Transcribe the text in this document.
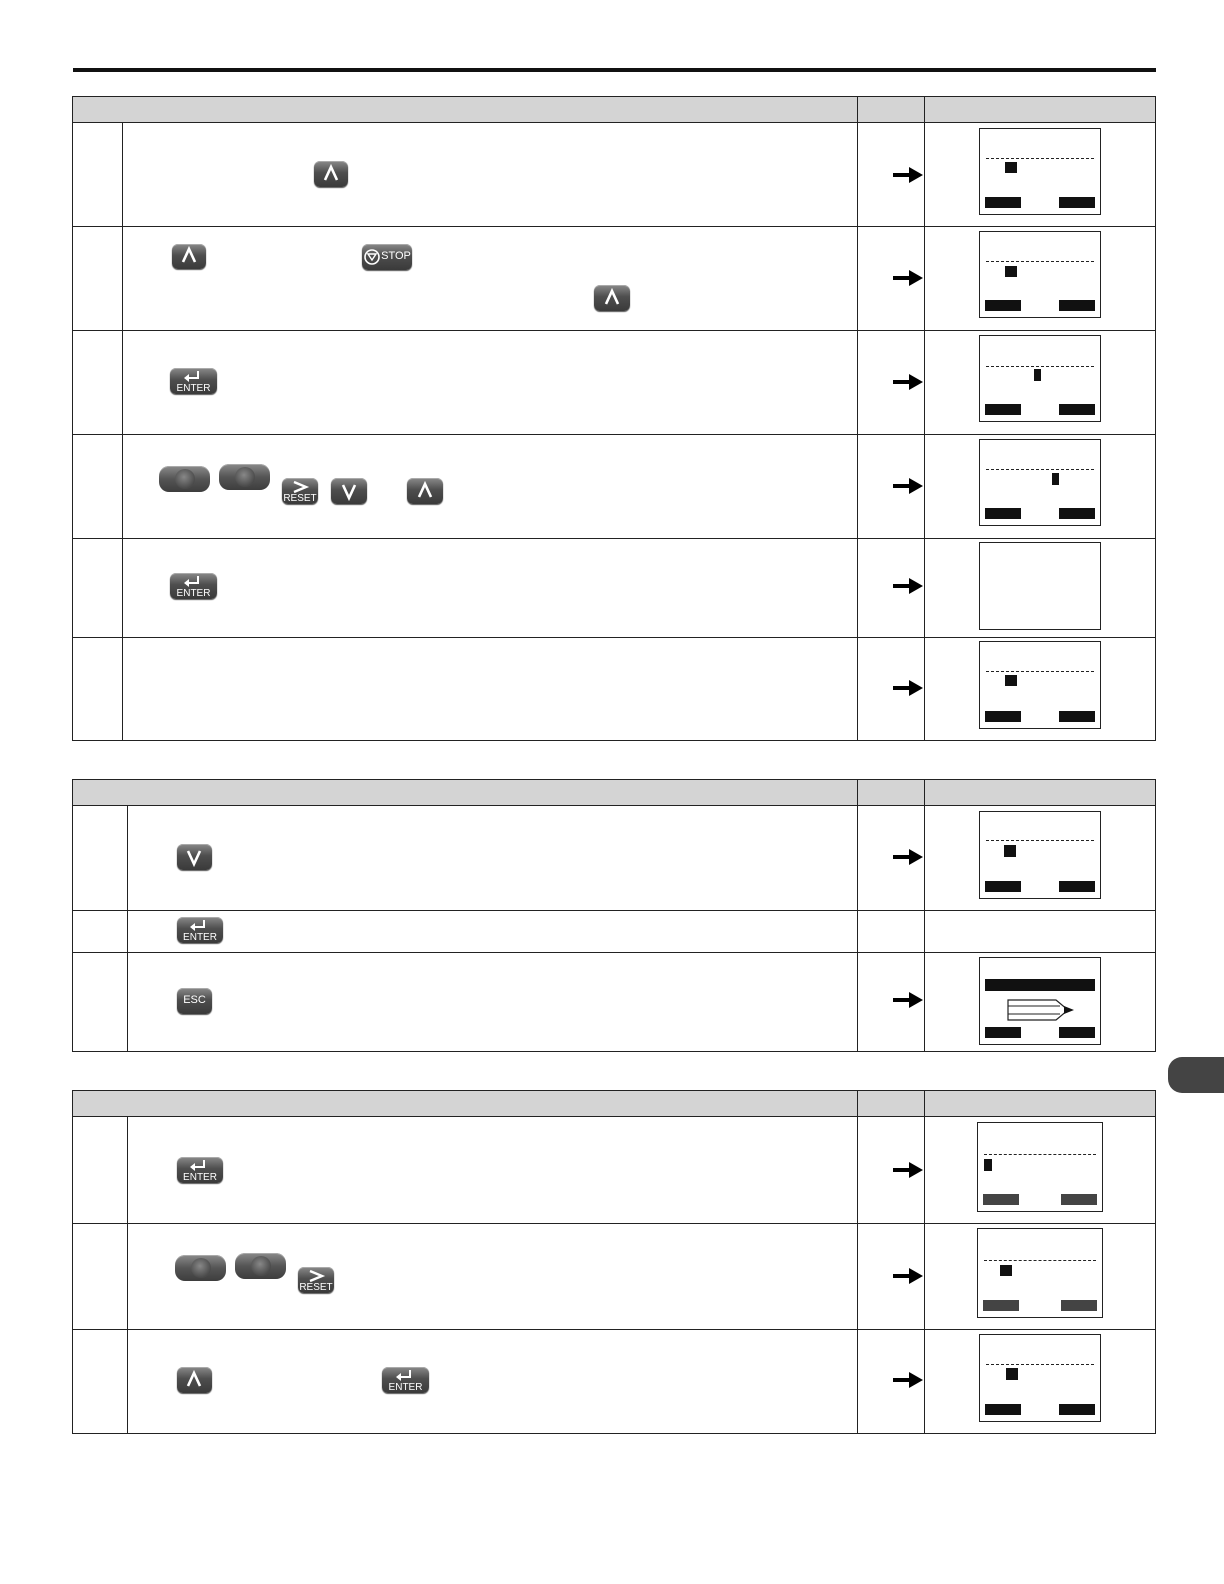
STOP
ENTER
RESET
ENTER
ENTER
ESC
ENTER
RESET
ENTER
